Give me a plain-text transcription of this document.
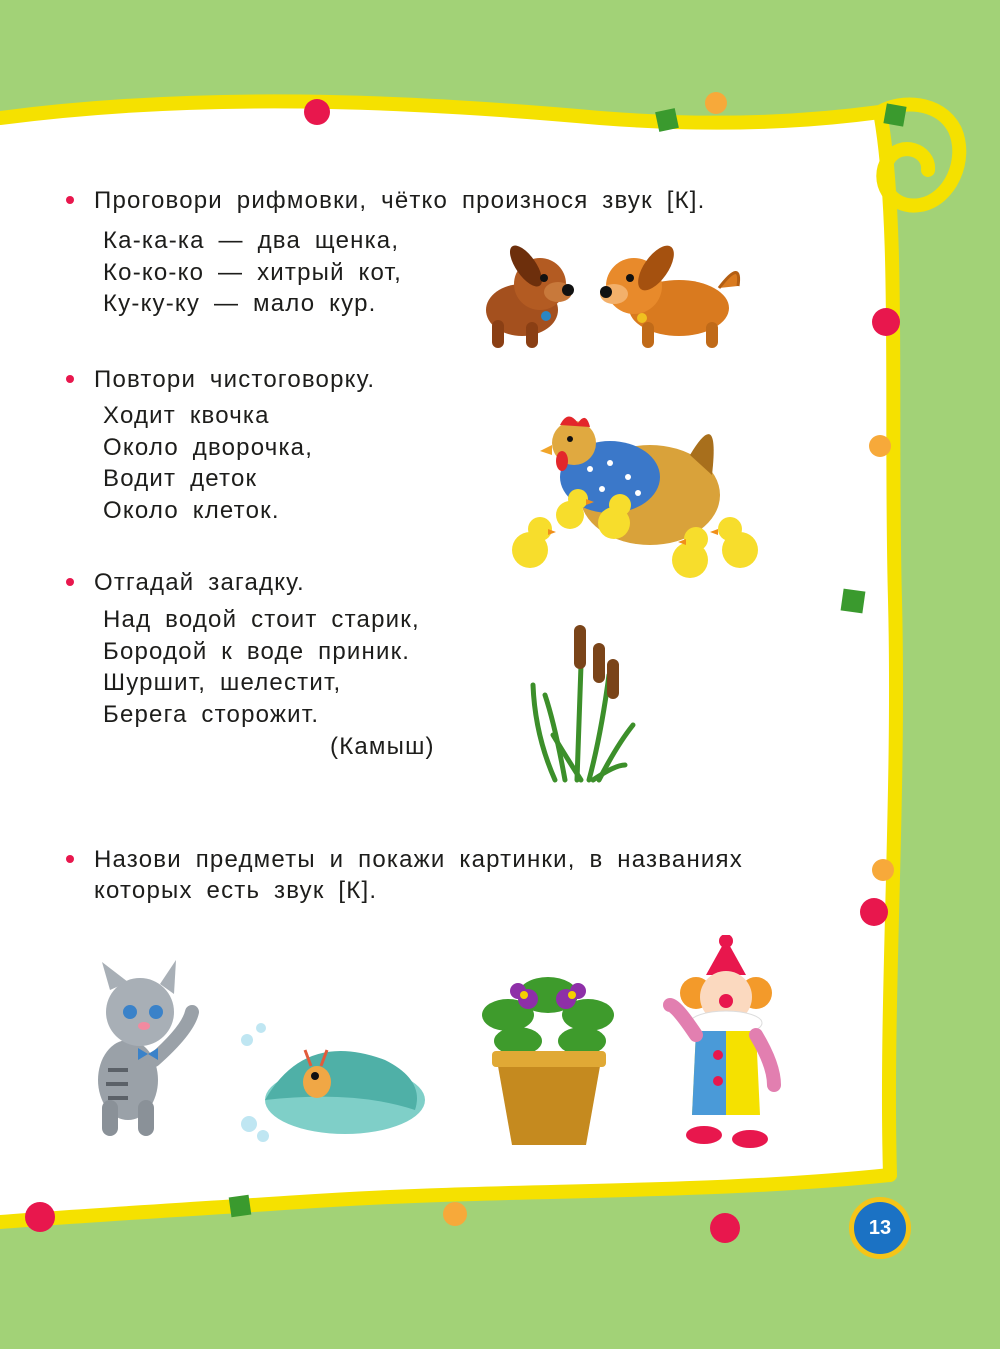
Проговори рифмовки, чётко произнося звук [К].
Ка-ка-ка — два щенка,
Ко-ко-ко — хитрый кот,
Ку-ку-ку — мало кур.
Повтори чистоговорку.
Ходит квочка
Около дворочка,
Водит деток
Около клеток.
Отгадай загадку.
Над водой стоит старик,
Бородой к воде приник.
Шуршит, шелестит,
Берега сторожит.
(Камыш)
Назови предметы и покажи картинки, в названиях которых есть звук [К].
13
